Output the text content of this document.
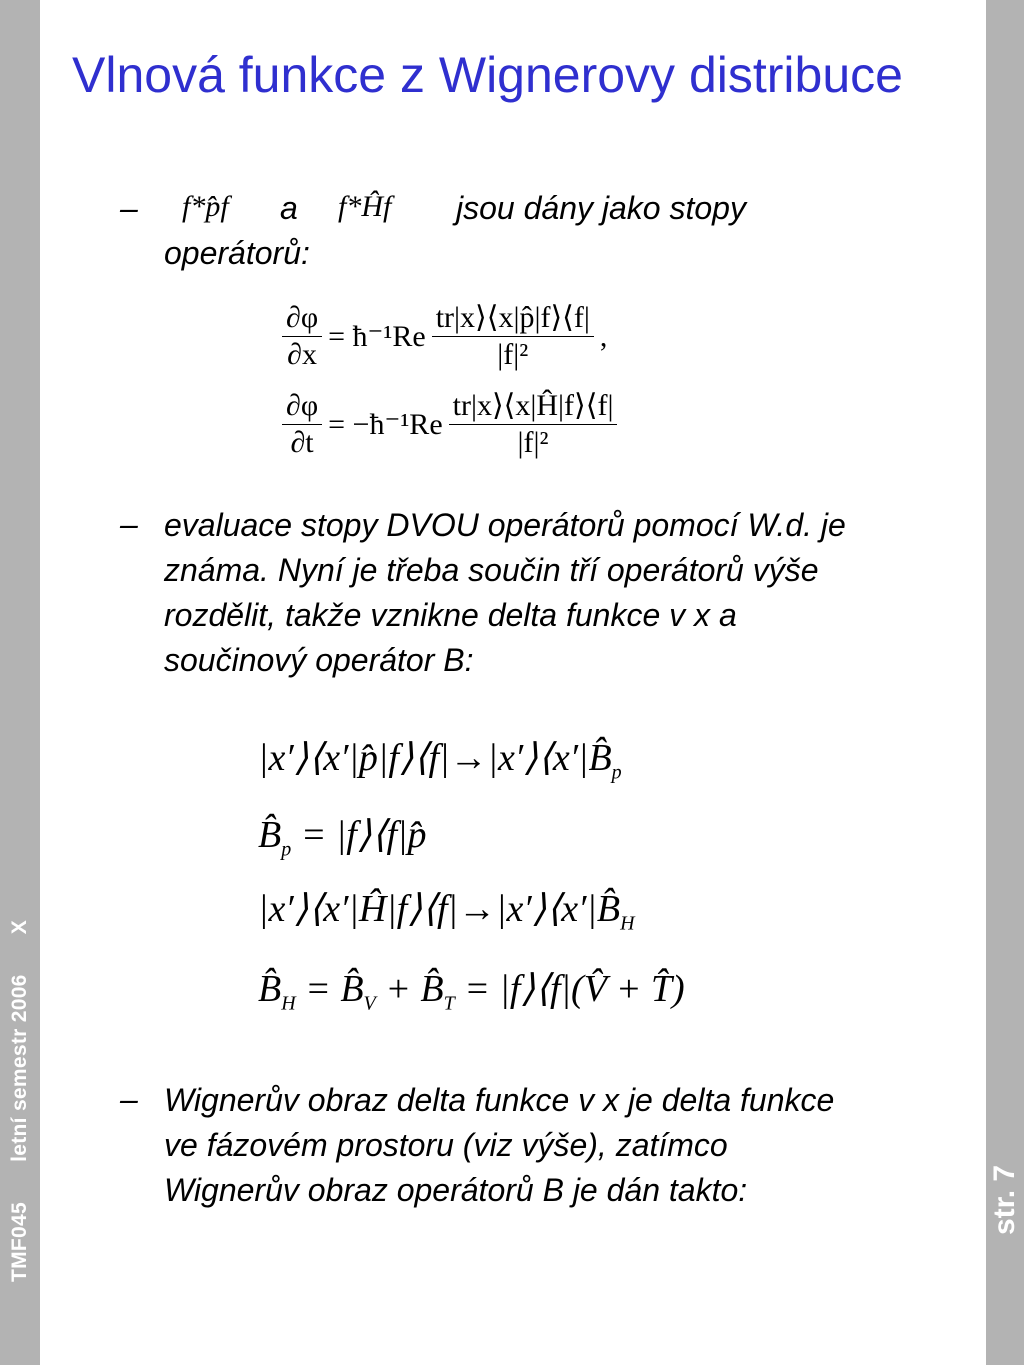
TMF045 letní semestr 2006 X
str. 7
Vlnová funkce z Wignerovy distribuce
– f*p̂f a f*Ĥf jsou dány jako stopy
operátorů:
$\frac{\partial\varphi}{\partial x}$ = ħ⁻¹Re $\frac{tr|x⟩⟨x|p̂|f⟩⟨f|}{\text{|f|²}}$ ,
$\frac{\partial\varphi}{\partial t}$ = −ħ⁻¹Re $\frac{tr|x⟩⟨x|Ĥ|f⟩⟨f|}{\text{|f|²}}$
– evaluace stopy DVOU operátorů pomocí W.d. je
známa. Nyní je třeba součin tří operátorů výše
rozdělit, takže vznikne delta funkce v x a
součinový operátor B:
$|x'⟩⟨x'|p̂|f⟩⟨f|\to|x'⟩⟨x'|B̂_p$
$B̂_p$ = |f⟩⟨f|p̂
$|x'⟩⟨x'|Ĥ|f⟩⟨f|\to|x'⟩⟨x'|B̂_H$
$B̂_H$ = $B̂_V$ + $B̂_T$ = |f⟩⟨f|(V̂ + T̂)
– Wignerův obraz delta funkce v x je delta funkce
ve fázovém prostoru (viz výše), zatímco
Wignerův obraz operátorů B je dán takto:
